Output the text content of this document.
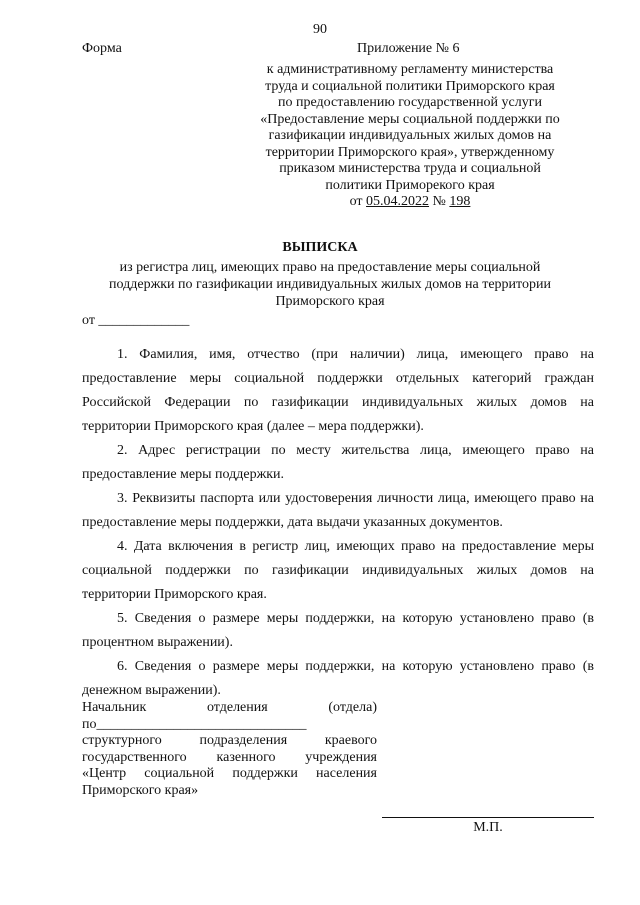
90
Форма	Приложение № 6
к административному регламенту министерства
труда и социальной политики Приморского края
по предоставлению государственной услуги
«Предоставление меры социальной поддержки по
газификации индивидуальных жилых домов на
территории Приморского края», утвержденному
приказом министерства труда и социальной
политики Приморекого края
от 05.04.2022 № 198
ВЫПИСКА
из регистра лиц, имеющих право на предоставление меры социальной
поддержки по газификации индивидуальных жилых домов на территории
Приморского края
от _____________

1. Фамилия, имя, отчество (при наличии) лица, имеющего право на предоставление меры социальной поддержки отдельных категорий граждан Российской Федерации по газификации индивидуальных жилых домов на территории Приморского края (далее – мера поддержки).

2. Адрес регистрации по месту жительства лица, имеющего право на предоставление меры поддержки.

3. Реквизиты паспорта или удостоверения личности лица, имеющего право на предоставление меры поддержки, дата выдачи указанных документов.

4. Дата включения в регистр лиц, имеющих право на предоставление меры социальной поддержки по газификации индивидуальных жилых домов на территории Приморского края.

5. Сведения о размере меры поддержки, на которую установлено право (в процентном выражении).

6. Сведения о размере меры поддержки, на которую установлено право (в денежном выражении).

Начальник отделения (отдела)
по______________________________
структурного подразделения краевого
государственного казенного учреждения
«Центр социальной поддержки населения
Приморского края»
М.П.
